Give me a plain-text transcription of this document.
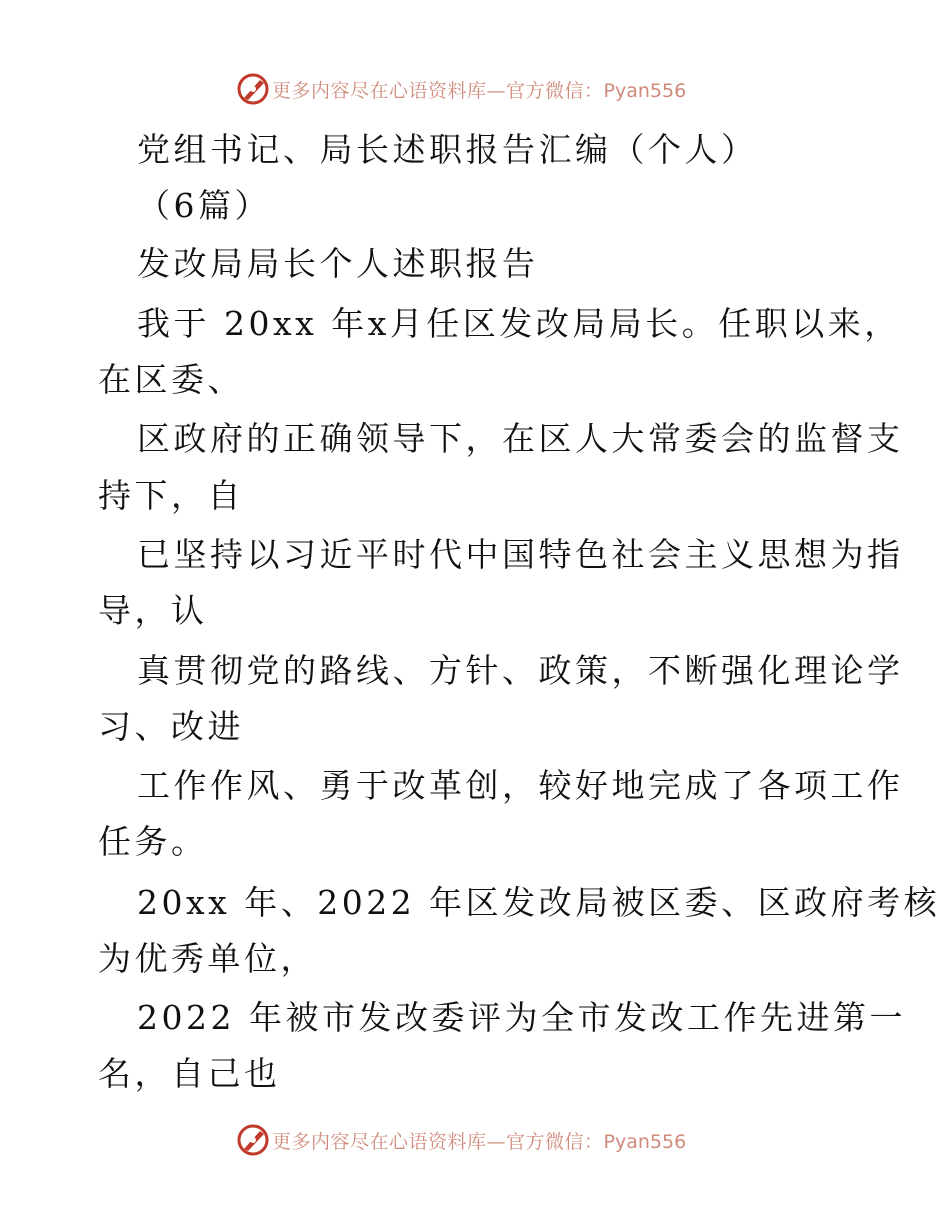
更多内容尽在心语资料库—官方微信：Pyan556
党组书记、局长述职报告汇编（个人）
（6篇）
发改局局长个人述职报告
我于 20xx 年x月任区发改局局长。任职以来，
在区委、
区政府的正确领导下，在区人大常委会的监督支
持下，自
已坚持以习近平时代中国特色社会主义思想为指
导，认
真贯彻党的路线、方针、政策，不断强化理论学
习、改进
工作作风、勇于改革创，较好地完成了各项工作
任务。
20xx 年、2022 年区发改局被区委、区政府考核
为优秀单位，
2022 年被市发改委评为全市发改工作先进第一
名，自己也
更多内容尽在心语资料库—官方微信：Pyan556
